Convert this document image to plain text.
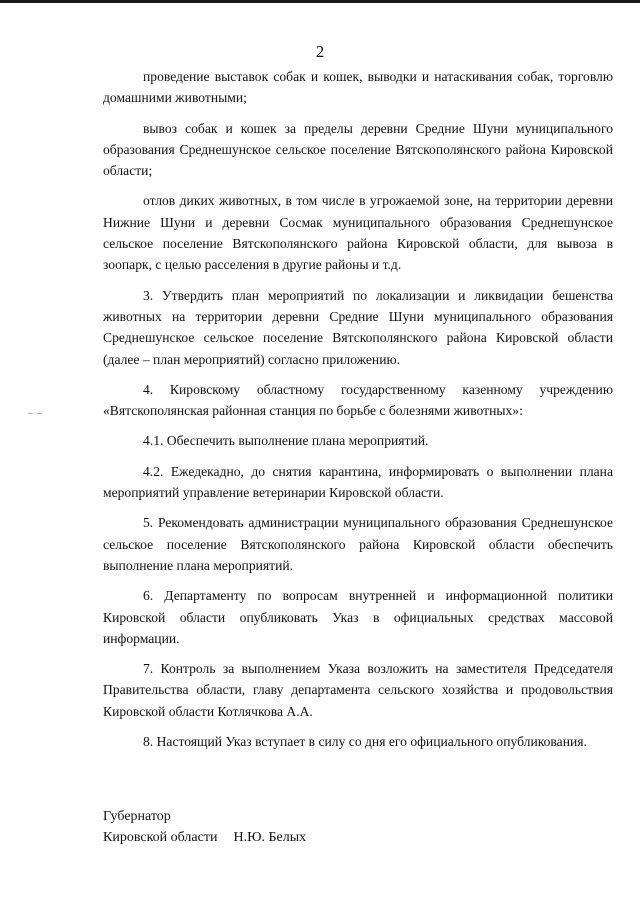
2
– –

проведение выставок собак и кошек, выводки и натаскивания собак, торговлю домашними животными;

вывоз собак и кошек за пределы деревни Средние Шуни муниципального образования Среднешунское сельское поселение Вятскополянского района Кировской области;

отлов диких животных, в том числе в угрожаемой зоне, на территории деревни Нижние Шуни и деревни Сосмак муниципального образования Среднешунское сельское поселение Вятскополянского района Кировской области, для вывоза в зоопарк, с целью расселения в другие районы и т.д.

3. Утвердить план мероприятий по локализации и ликвидации бешенства животных на территории деревни Средние Шуни муниципального образования Среднешунское сельское поселение Вятскополянского района Кировской области (далее – план мероприятий) согласно приложению.

4. Кировскому областному государственному казенному учреждению «Вятскополянская районная станция по борьбе с болезнями животных»:

4.1. Обеспечить выполнение плана мероприятий.

4.2. Ежедекадно, до снятия карантина, информировать о выполнении плана мероприятий управление ветеринарии Кировской области.

5. Рекомендовать администрации муниципального образования Среднешунское сельское поселение Вятскополянского района Кировской области обеспечить выполнение плана мероприятий.

6. Департаменту по вопросам внутренней и информационной политики Кировской области опубликовать Указ в официальных средствах массовой информации.

7. Контроль за выполнением Указа возложить на заместителя Председателя Правительства области, главу департамента сельского хозяйства и продовольствия Кировской области Котлячкова А.А.

8. Настоящий Указ вступает в силу со дня его официального опубликования.

Губернатор
Кировской области Н.Ю. Белых
